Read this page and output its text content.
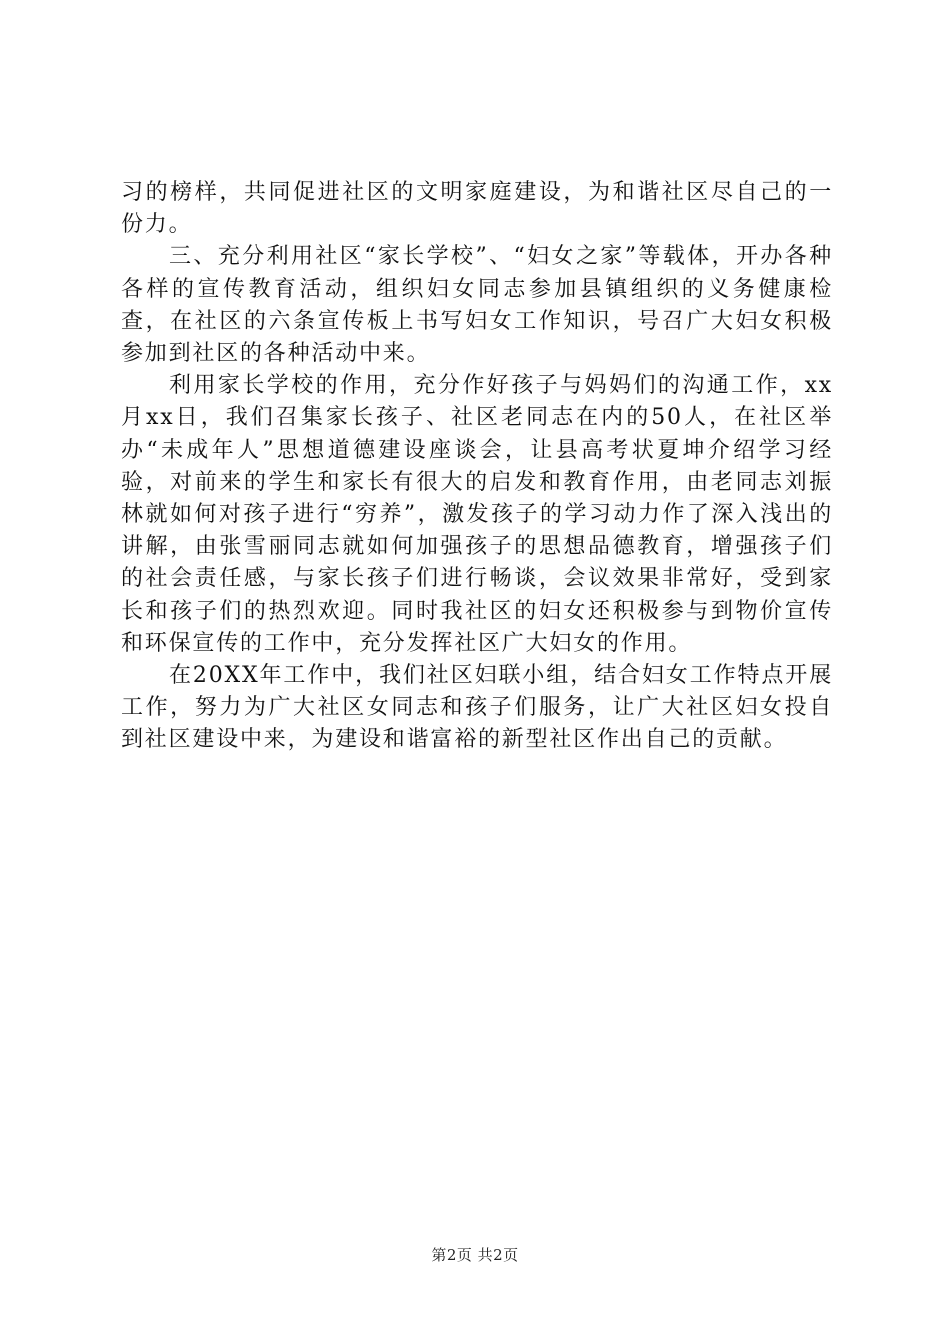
习的榜样，共同促进社区的文明家庭建设，为和谐社区尽自己的一份力。

三、充分利用社区“家长学校”、“妇女之家”等载体，开办各种各样的宣传教育活动，组织妇女同志参加县镇组织的义务健康检查，在社区的六条宣传板上书写妇女工作知识，号召广大妇女积极参加到社区的各种活动中来。

利用家长学校的作用，充分作好孩子与妈妈们的沟通工作，xx月xx日，我们召集家长孩子、社区老同志在内的50人，在社区举办“未成年人”思想道德建设座谈会，让县高考状夏坤介绍学习经验，对前来的学生和家长有很大的启发和教育作用，由老同志刘振林就如何对孩子进行“穷养”，激发孩子的学习动力作了深入浅出的讲解，由张雪丽同志就如何加强孩子的思想品德教育，增强孩子们的社会责任感，与家长孩子们进行畅谈，会议效果非常好，受到家长和孩子们的热烈欢迎。同时我社区的妇女还积极参与到物价宣传和环保宣传的工作中，充分发挥社区广大妇女的作用。

在20XX年工作中，我们社区妇联小组，结合妇女工作特点开展工作，努力为广大社区女同志和孩子们服务，让广大社区妇女投自到社区建设中来，为建设和谐富裕的新型社区作出自己的贡献。

第2页 共2页
